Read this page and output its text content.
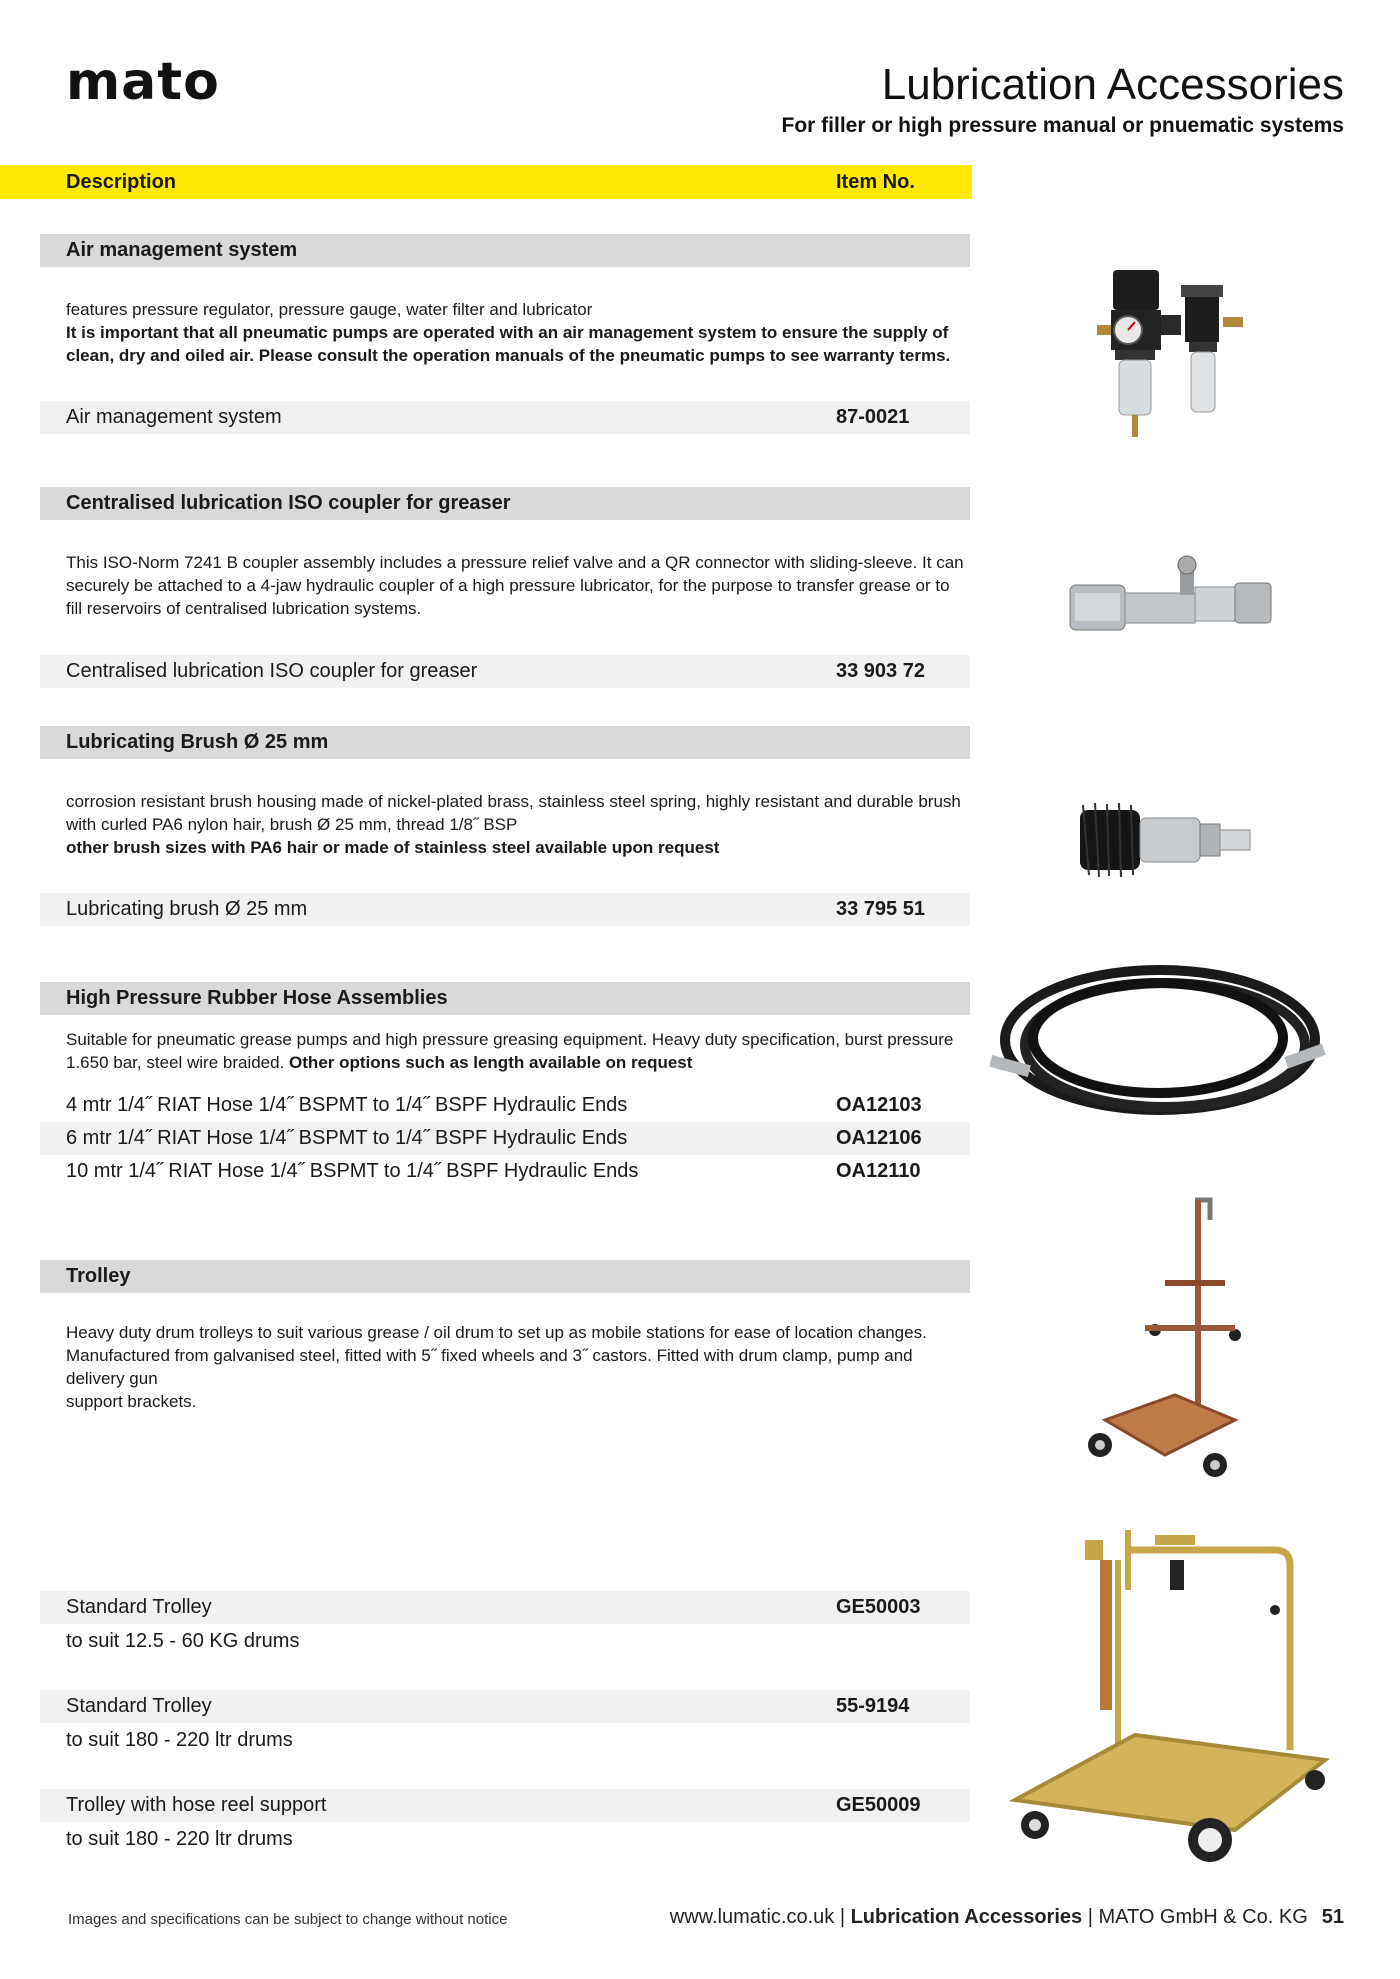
mato	Lubrication Accessories
For filler or high pressure manual or pnuematic systems
Description	Item No.
Air management system
features pressure regulator, pressure gauge, water filter and lubricator
It is important that all pneumatic pumps are operated with an air management system to ensure the supply of clean, dry and oiled air. Please consult the operation manuals of the pneumatic pumps to see warranty terms.
Air management system	87-0021
Centralised lubrication ISO coupler for greaser
This ISO-Norm 7241 B coupler assembly includes a pressure relief valve and a QR connector with sliding-sleeve. It can securely be attached to a 4-jaw hydraulic coupler of a high pressure lubricator, for the purpose to transfer grease or to fill reservoirs of centralised lubrication systems.
Centralised lubrication ISO coupler for greaser	33 903 72
Lubricating Brush Ø 25 mm
corrosion resistant brush housing made of nickel-plated brass, stainless steel spring, highly resistant and durable brush with curled PA6 nylon hair, brush Ø 25 mm, thread 1/8˝ BSP
other brush sizes with PA6 hair or made of stainless steel available upon request
Lubricating brush Ø 25 mm	33 795 51
High Pressure Rubber Hose Assemblies
Suitable for pneumatic grease pumps and high pressure greasing equipment. Heavy duty specification, burst pressure 1.650 bar, steel wire braided. Other options such as length available on request
4 mtr 1/4˝ RIAT Hose 1/4˝ BSPMT to 1/4˝ BSPF Hydraulic Ends	OA12103
6 mtr 1/4˝ RIAT Hose 1/4˝ BSPMT to 1/4˝ BSPF Hydraulic Ends	OA12106
10 mtr 1/4˝ RIAT Hose 1/4˝ BSPMT to 1/4˝ BSPF Hydraulic Ends	OA12110
Trolley
Heavy duty drum trolleys to suit various grease / oil drum to set up as mobile stations for ease of location changes.
Manufactured from galvanised steel, fitted with 5˝ fixed wheels and 3˝ castors. Fitted with drum clamp, pump and delivery gun
support brackets.
Standard Trolley	GE50003
to suit 12.5 - 60 KG drums
Standard Trolley	55-9194
to suit 180 - 220 ltr drums
Trolley with hose reel support	GE50009
to suit 180 - 220 ltr drums
Images and specifications can be subject to change without notice	www.lumatic.co.uk | Lubrication Accessories | MATO GmbH & Co. KG 51
